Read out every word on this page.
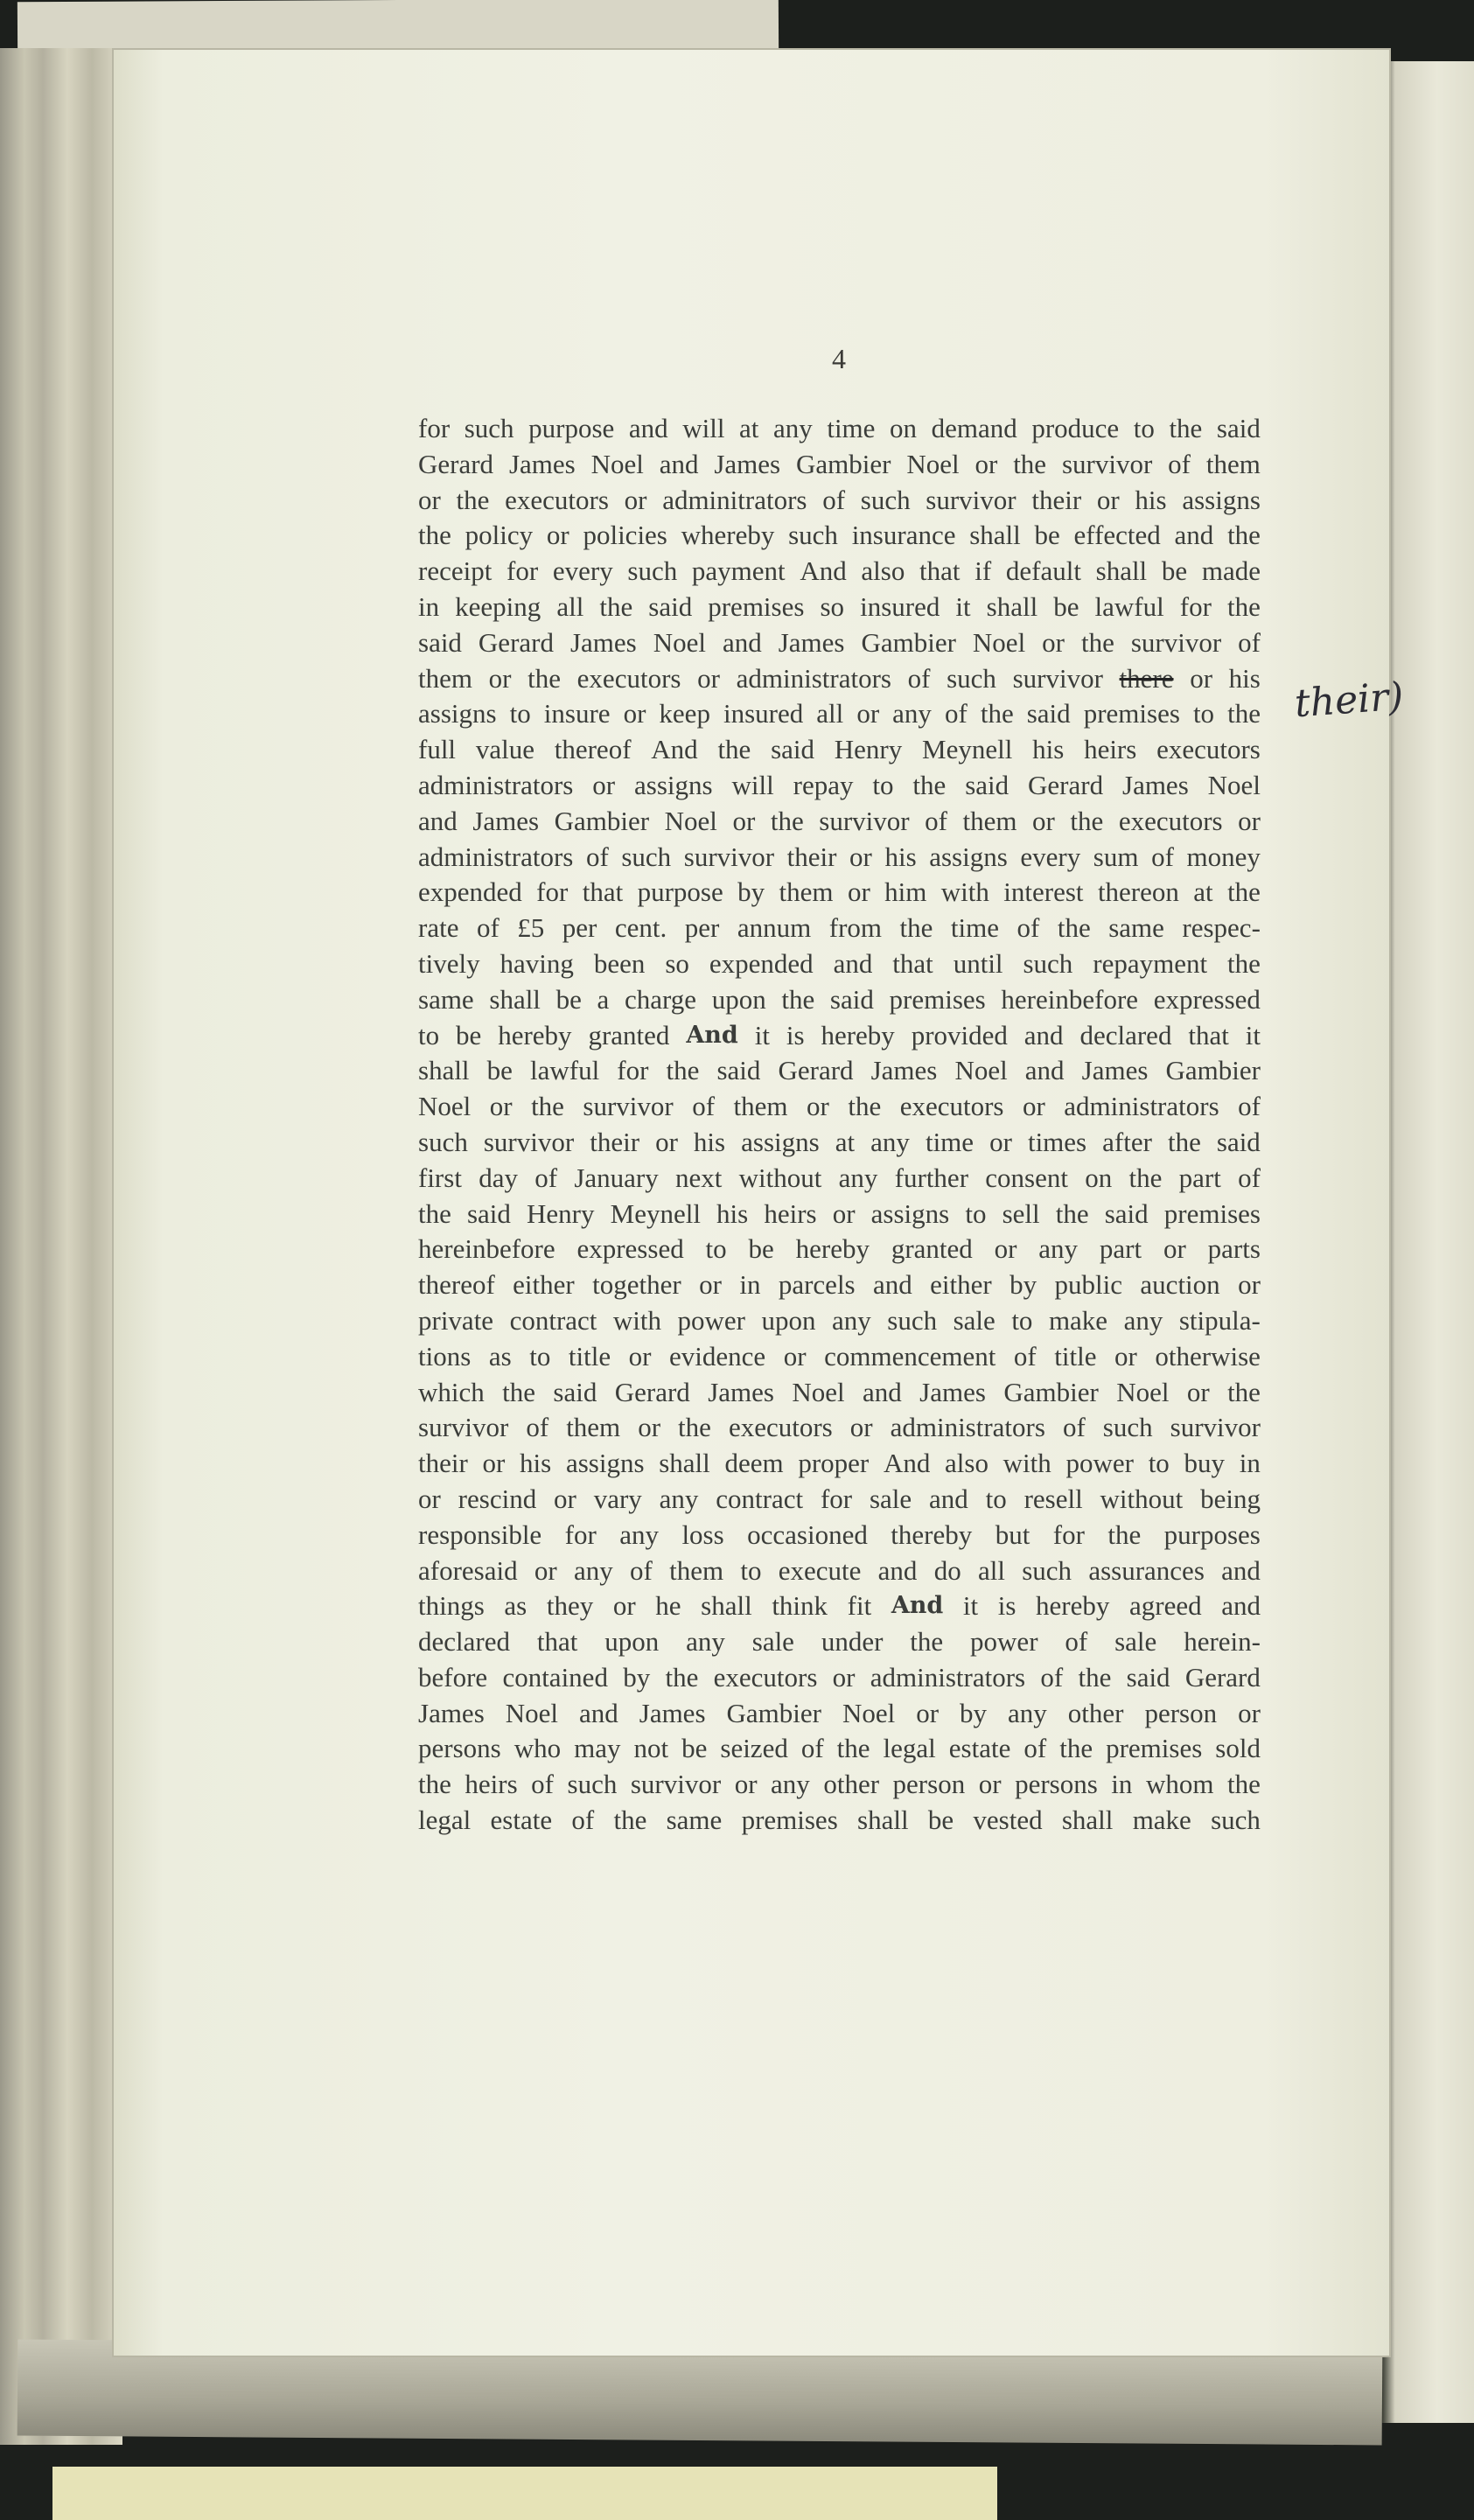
4
for such purpose and will at any time on demand produce to the said
Gerard James Noel and James Gambier Noel or the survivor of them
or the executors or adminitrators of such survivor their or his assigns
the policy or policies whereby such insurance shall be effected and the
receipt for every such payment And also that if default shall be made
in keeping all the said premises so insured it shall be lawful for the
said Gerard James Noel and James Gambier Noel or the survivor of
them or the executors or administrators of such survivor there or his
assigns to insure or keep insured all or any of the said premises to the
full value thereof And the said Henry Meynell his heirs executors
administrators or assigns will repay to the said Gerard James Noel
and James Gambier Noel or the survivor of them or the executors or
administrators of such survivor their or his assigns every sum of money
expended for that purpose by them or him with interest thereon at the
rate of £5 per cent. per annum from the time of the same respec-
tively having been so expended and that until such repayment the
same shall be a charge upon the said premises hereinbefore expressed
to be hereby granted And it is hereby provided and declared that it
shall be lawful for the said Gerard James Noel and James Gambier
Noel or the survivor of them or the executors or administrators of
such survivor their or his assigns at any time or times after the said
first day of January next without any further consent on the part of
the said Henry Meynell his heirs or assigns to sell the said premises
hereinbefore expressed to be hereby granted or any part or parts
thereof either together or in parcels and either by public auction or
private contract with power upon any such sale to make any stipula-
tions as to title or evidence or commencement of title or otherwise
which the said Gerard James Noel and James Gambier Noel or the
survivor of them or the executors or administrators of such survivor
their or his assigns shall deem proper And also with power to buy in
or rescind or vary any contract for sale and to resell without being
responsible for any loss occasioned thereby but for the purposes
aforesaid or any of them to execute and do all such assurances and
things as they or he shall think fit And it is hereby agreed and
declared that upon any sale under the power of sale herein-
before contained by the executors or administrators of the said Gerard
James Noel and James Gambier Noel or by any other person or
persons who may not be seized of the legal estate of the premises sold
the heirs of such survivor or any other person or persons in whom the
legal estate of the same premises shall be vested shall make such
their)
